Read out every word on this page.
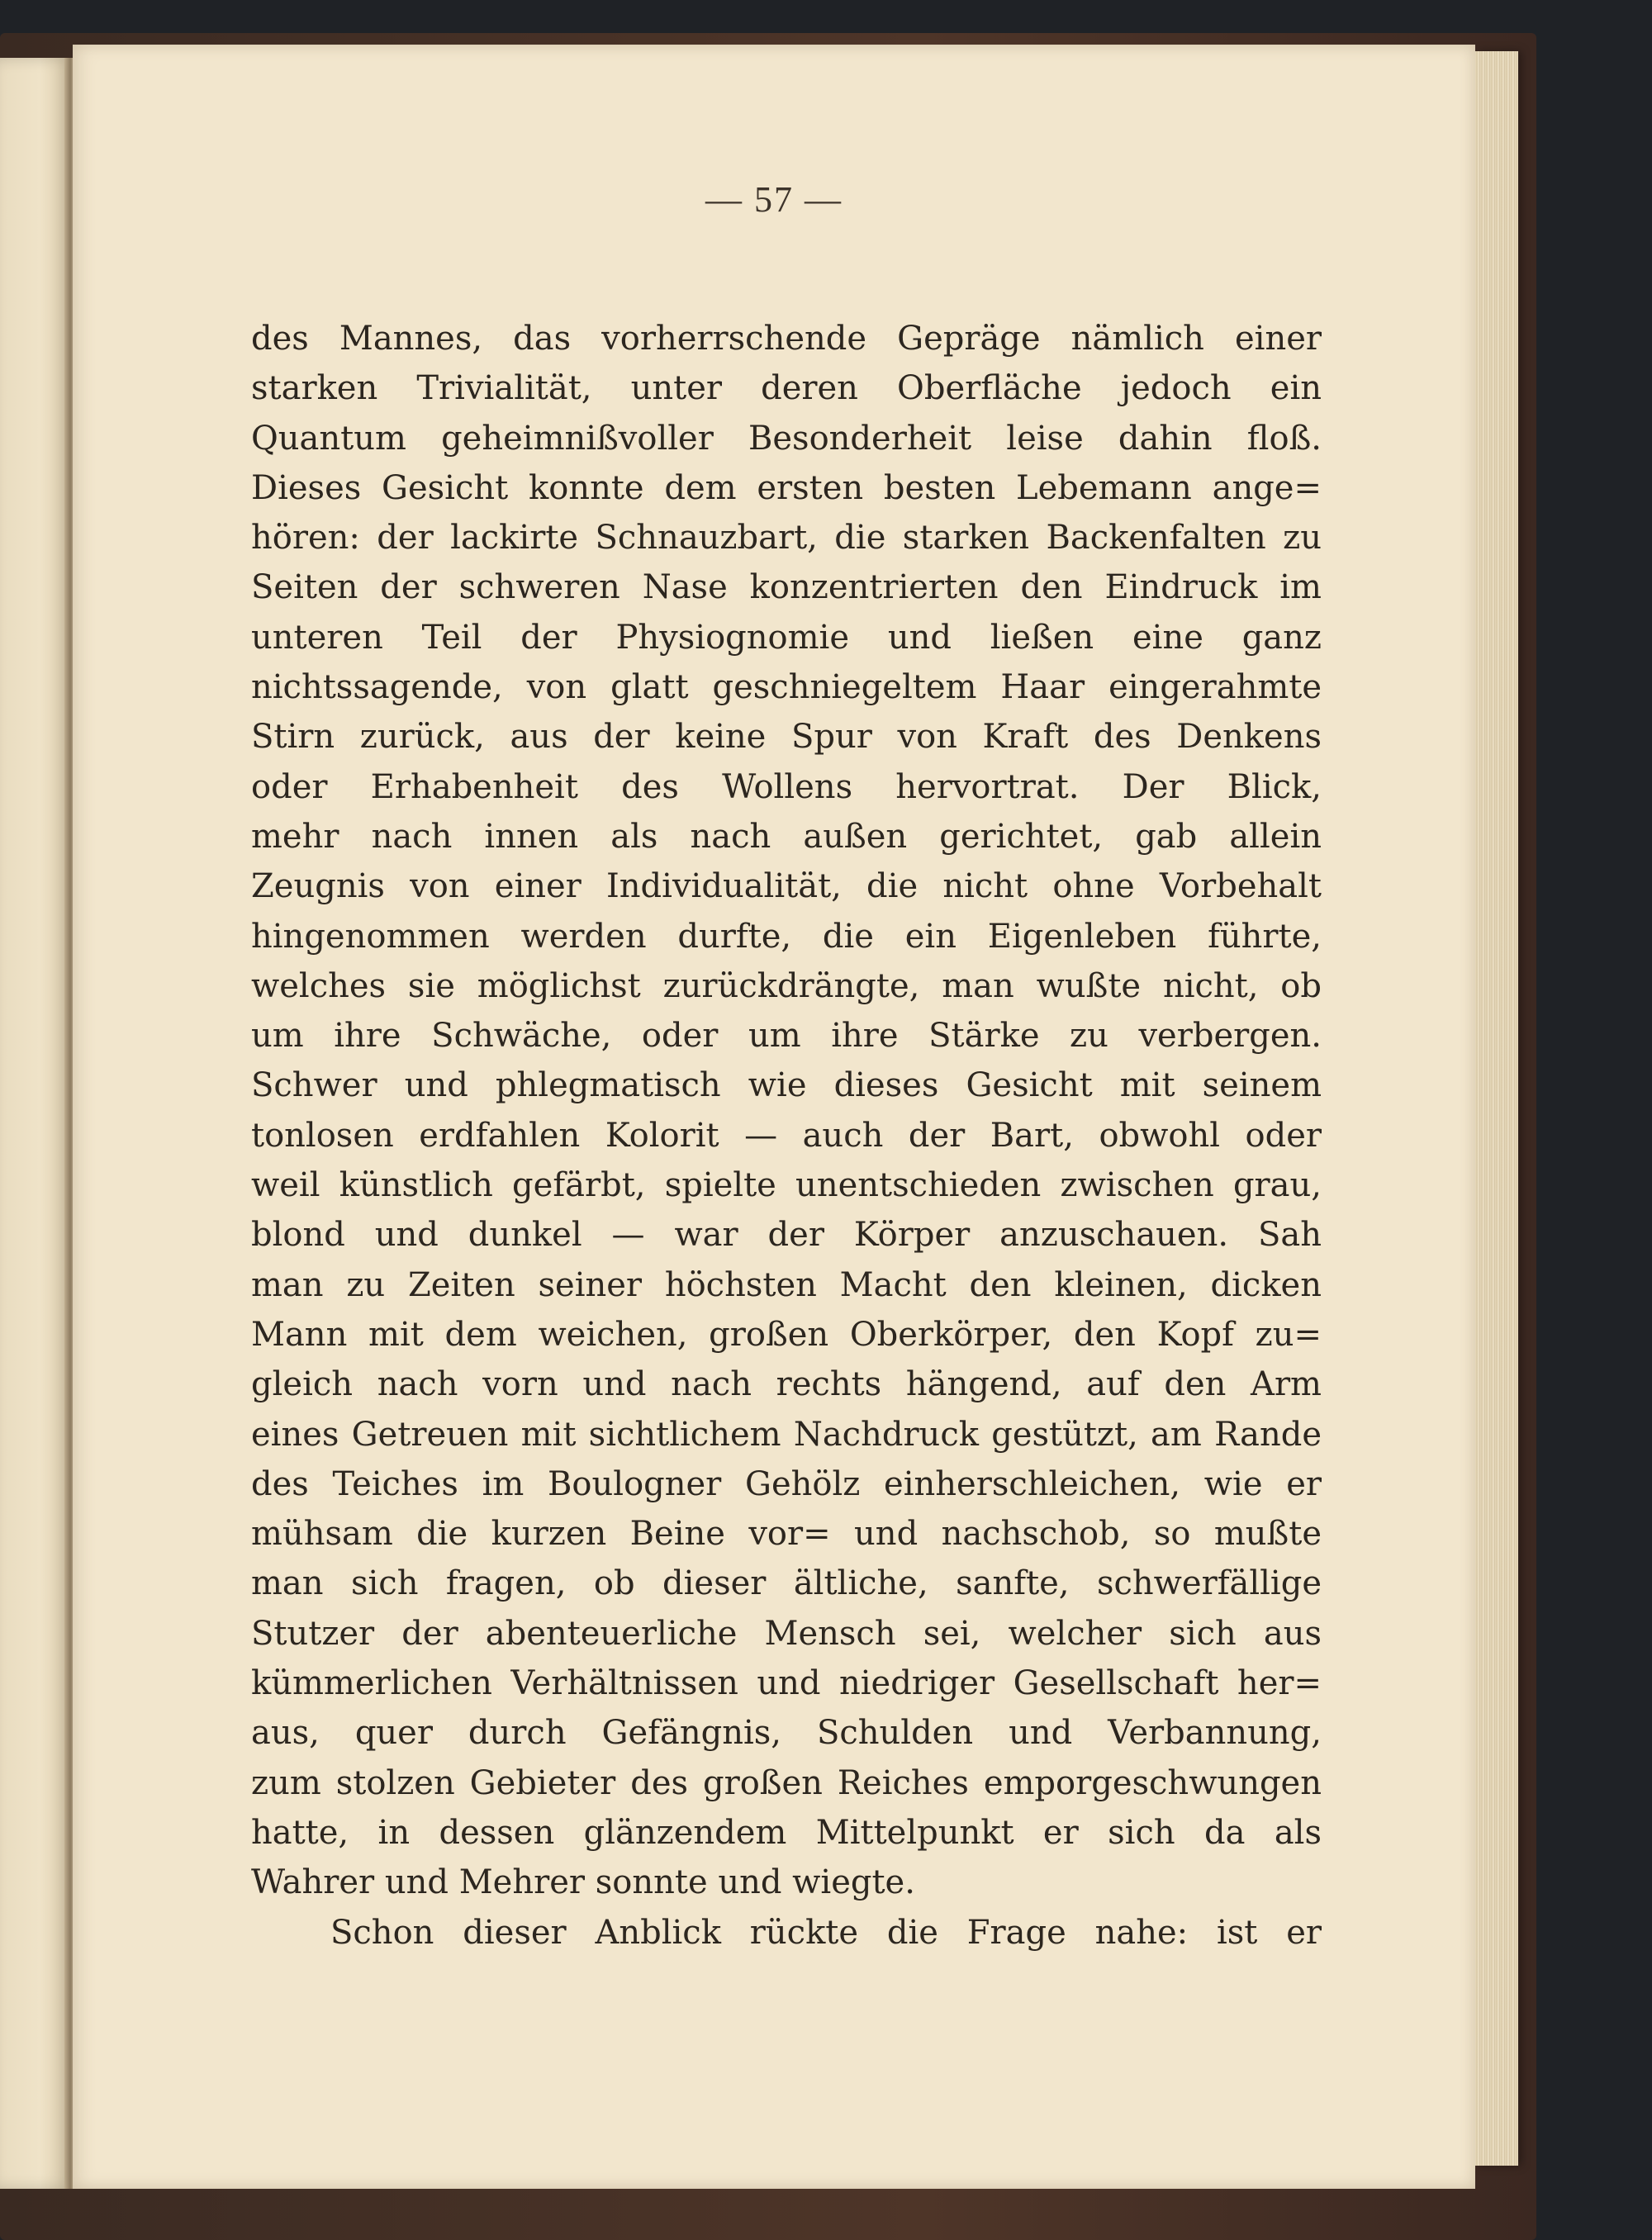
— 57 —
des Mannes, das vorherrschende Gepräge nämlich einer
starken Trivialität, unter deren Oberfläche jedoch ein
Quantum geheimnißvoller Besonderheit leise dahin floß.
Dieses Gesicht konnte dem ersten besten Lebemann ange=
hören: der lackirte Schnauzbart, die starken Backenfalten zu
Seiten der schweren Nase konzentrierten den Eindruck im
unteren Teil der Physiognomie und ließen eine ganz
nichtssagende, von glatt geschniegeltem Haar eingerahmte
Stirn zurück, aus der keine Spur von Kraft des Denkens
oder Erhabenheit des Wollens hervortrat. Der Blick,
mehr nach innen als nach außen gerichtet, gab allein
Zeugnis von einer Individualität, die nicht ohne Vorbehalt
hingenommen werden durfte, die ein Eigenleben führte,
welches sie möglichst zurückdrängte, man wußte nicht, ob
um ihre Schwäche, oder um ihre Stärke zu verbergen.
Schwer und phlegmatisch wie dieses Gesicht mit seinem
tonlosen erdfahlen Kolorit — auch der Bart, obwohl oder
weil künstlich gefärbt, spielte unentschieden zwischen grau,
blond und dunkel — war der Körper anzuschauen. Sah
man zu Zeiten seiner höchsten Macht den kleinen, dicken
Mann mit dem weichen, großen Oberkörper, den Kopf zu=
gleich nach vorn und nach rechts hängend, auf den Arm
eines Getreuen mit sichtlichem Nachdruck gestützt, am Rande
des Teiches im Boulogner Gehölz einherschleichen, wie er
mühsam die kurzen Beine vor= und nachschob, so mußte
man sich fragen, ob dieser ältliche, sanfte, schwerfällige
Stutzer der abenteuerliche Mensch sei, welcher sich aus
kümmerlichen Verhältnissen und niedriger Gesellschaft her=
aus, quer durch Gefängnis, Schulden und Verbannung,
zum stolzen Gebieter des großen Reiches emporgeschwungen
hatte, in dessen glänzendem Mittelpunkt er sich da als
Wahrer und Mehrer sonnte und wiegte.
Schon dieser Anblick rückte die Frage nahe: ist er
